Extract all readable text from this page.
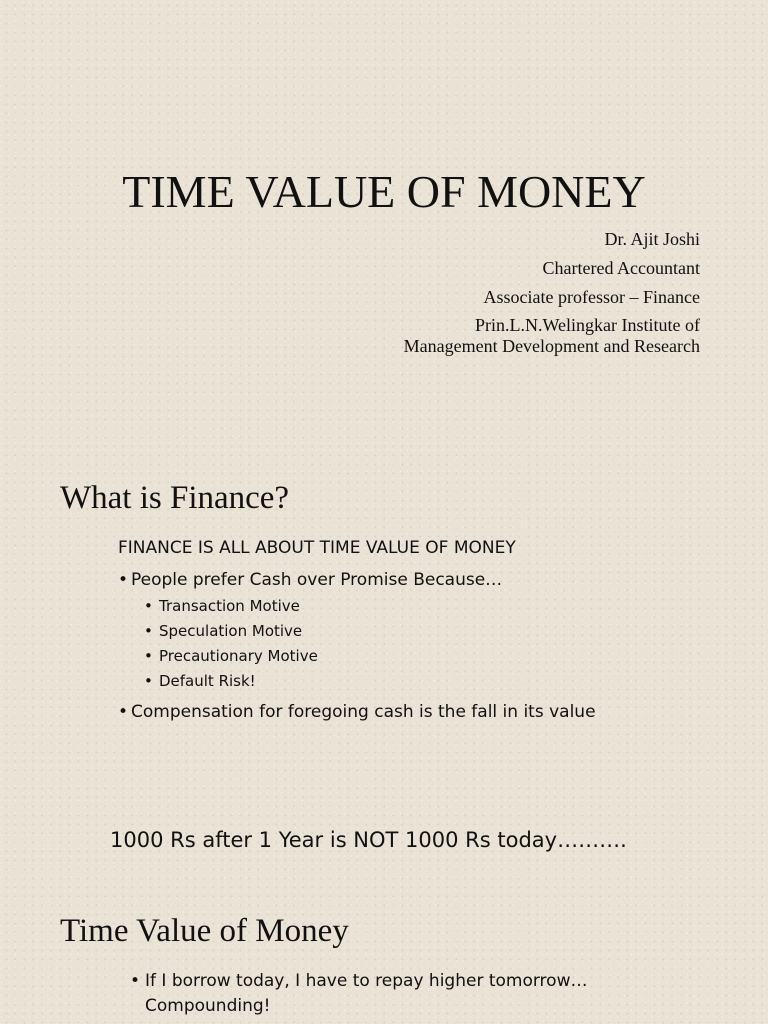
TIME VALUE OF MONEY

Dr. Ajit Joshi

Chartered Accountant

Associate professor – Finance

Prin.L.N.Welingkar Institute of
Management Development and Research

What is Finance?

FINANCE IS ALL ABOUT TIME VALUE OF MONEY

• People prefer Cash over Promise Because…

• Transaction Motive

• Speculation Motive

• Precautionary Motive

• Default Risk!

• Compensation for foregoing cash is the fall in its value

1000 Rs after 1 Year is NOT 1000 Rs today……….

Time Value of Money
• If I borrow today, I have to repay higher tomorrow…
Compounding!
